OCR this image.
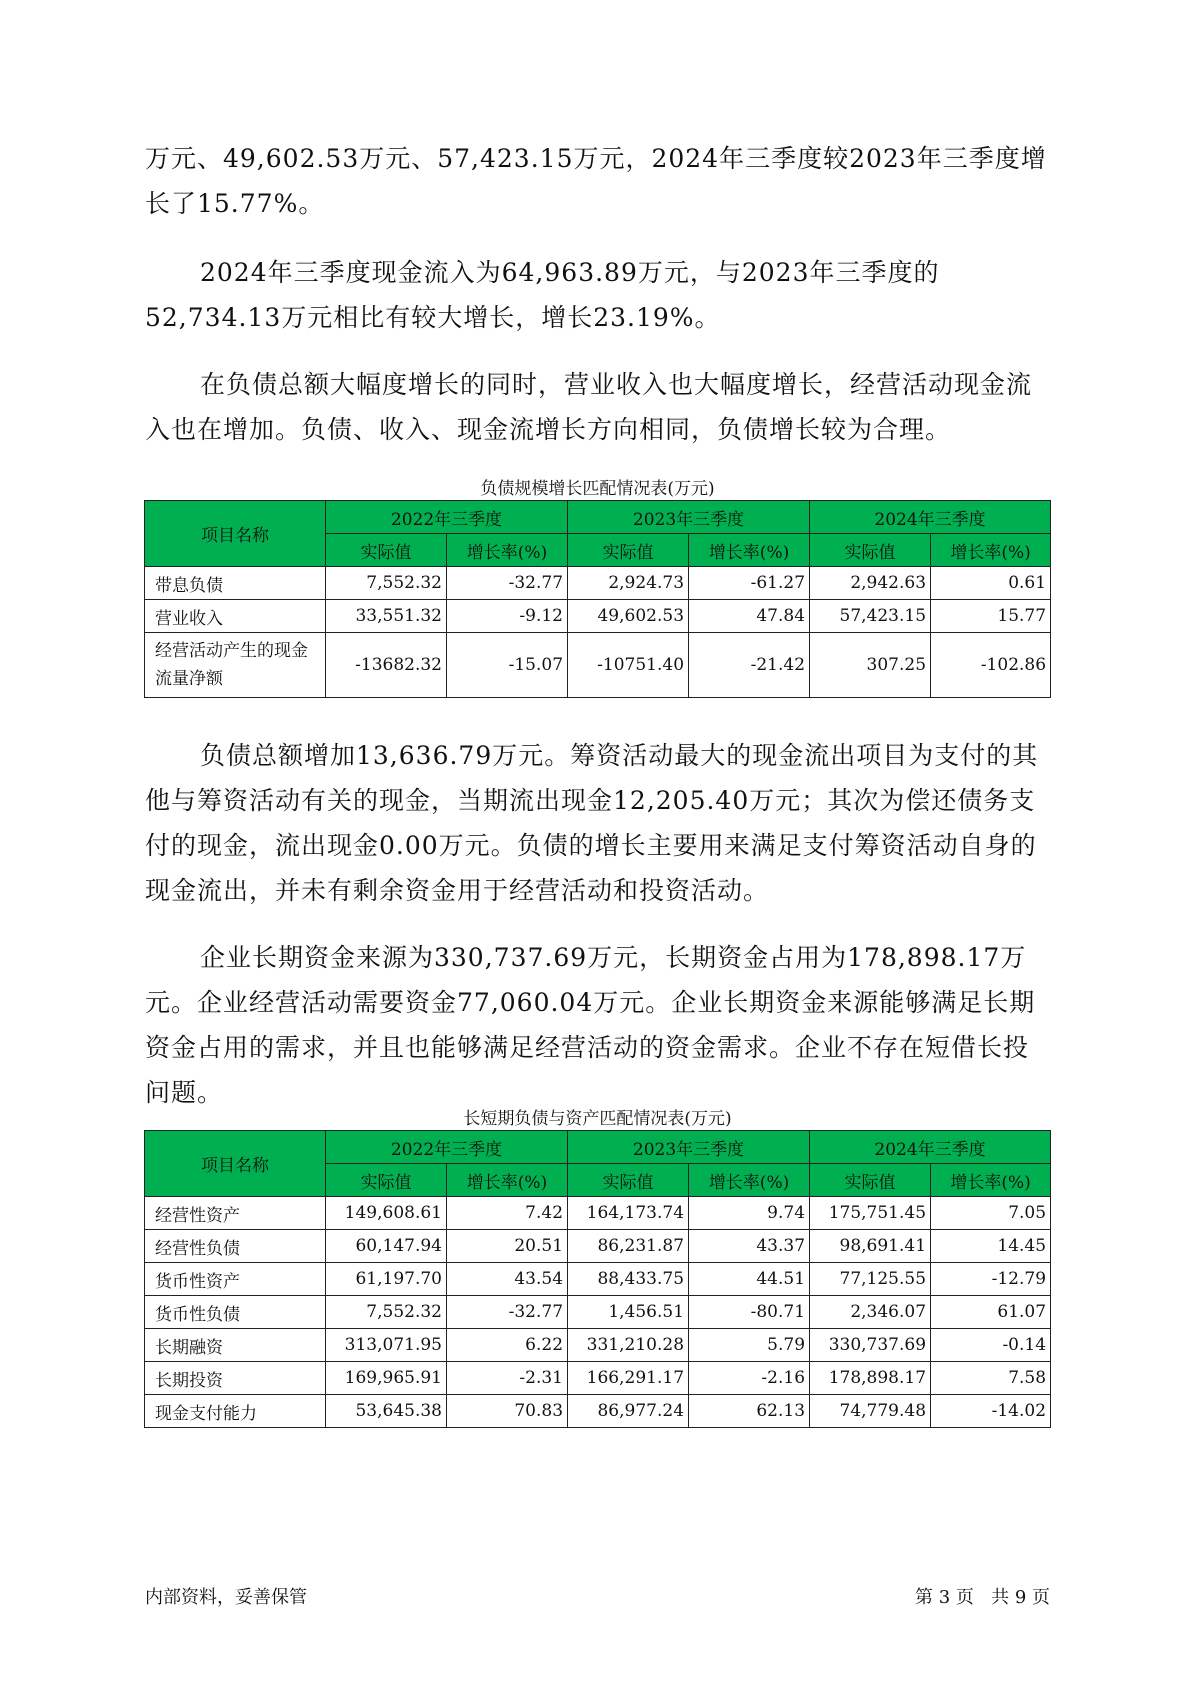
万元、49,602.53万元、57,423.15万元，2024年三季度较2023年三季度增长了15.77%。

2024年三季度现金流入为64,963.89万元，与2023年三季度的52,734.13万元相比有较大增长，增长23.19%。

在负债总额大幅度增长的同时，营业收入也大幅度增长，经营活动现金流入也在增加。负债、收入、现金流增长方向相同，负债增长较为合理。

负债规模增长匹配情况表(万元)

项目名称	2022年三季度		2023年三季度		2024年三季度	
	实际值	增长率(%)	实际值	增长率(%)	实际值	增长率(%)
带息负债	7,552.32	-32.77	2,924.73	-61.27	2,942.63	0.61
营业收入	33,551.32	-9.12	49,602.53	47.84	57,423.15	15.77
经营活动产生的现金流量净额	-13682.32	-15.07	-10751.40	-21.42	307.25	-102.86

负债总额增加13,636.79万元。筹资活动最大的现金流出项目为支付的其他与筹资活动有关的现金，当期流出现金12,205.40万元；其次为偿还债务支付的现金，流出现金0.00万元。负债的增长主要用来满足支付筹资活动自身的现金流出，并未有剩余资金用于经营活动和投资活动。

企业长期资金来源为330,737.69万元，长期资金占用为178,898.17万元。企业经营活动需要资金77,060.04万元。企业长期资金来源能够满足长期资金占用的需求，并且也能够满足经营活动的资金需求。企业不存在短借长投问题。

长短期负债与资产匹配情况表(万元)

项目名称	2022年三季度		2023年三季度		2024年三季度	
	实际值	增长率(%)	实际值	增长率(%)	实际值	增长率(%)
经营性资产	149,608.61	7.42	164,173.74	9.74	175,751.45	7.05
经营性负债	60,147.94	20.51	86,231.87	43.37	98,691.41	14.45
货币性资产	61,197.70	43.54	88,433.75	44.51	77,125.55	-12.79
货币性负债	7,552.32	-32.77	1,456.51	-80.71	2,346.07	61.07
长期融资	313,071.95	6.22	331,210.28	5.79	330,737.69	-0.14
长期投资	169,965.91	-2.31	166,291.17	-2.16	178,898.17	7.58
现金支付能力	53,645.38	70.83	86,977.24	62.13	74,779.48	-14.02

内部资料，妥善保管	第 3 页   共 9 页
